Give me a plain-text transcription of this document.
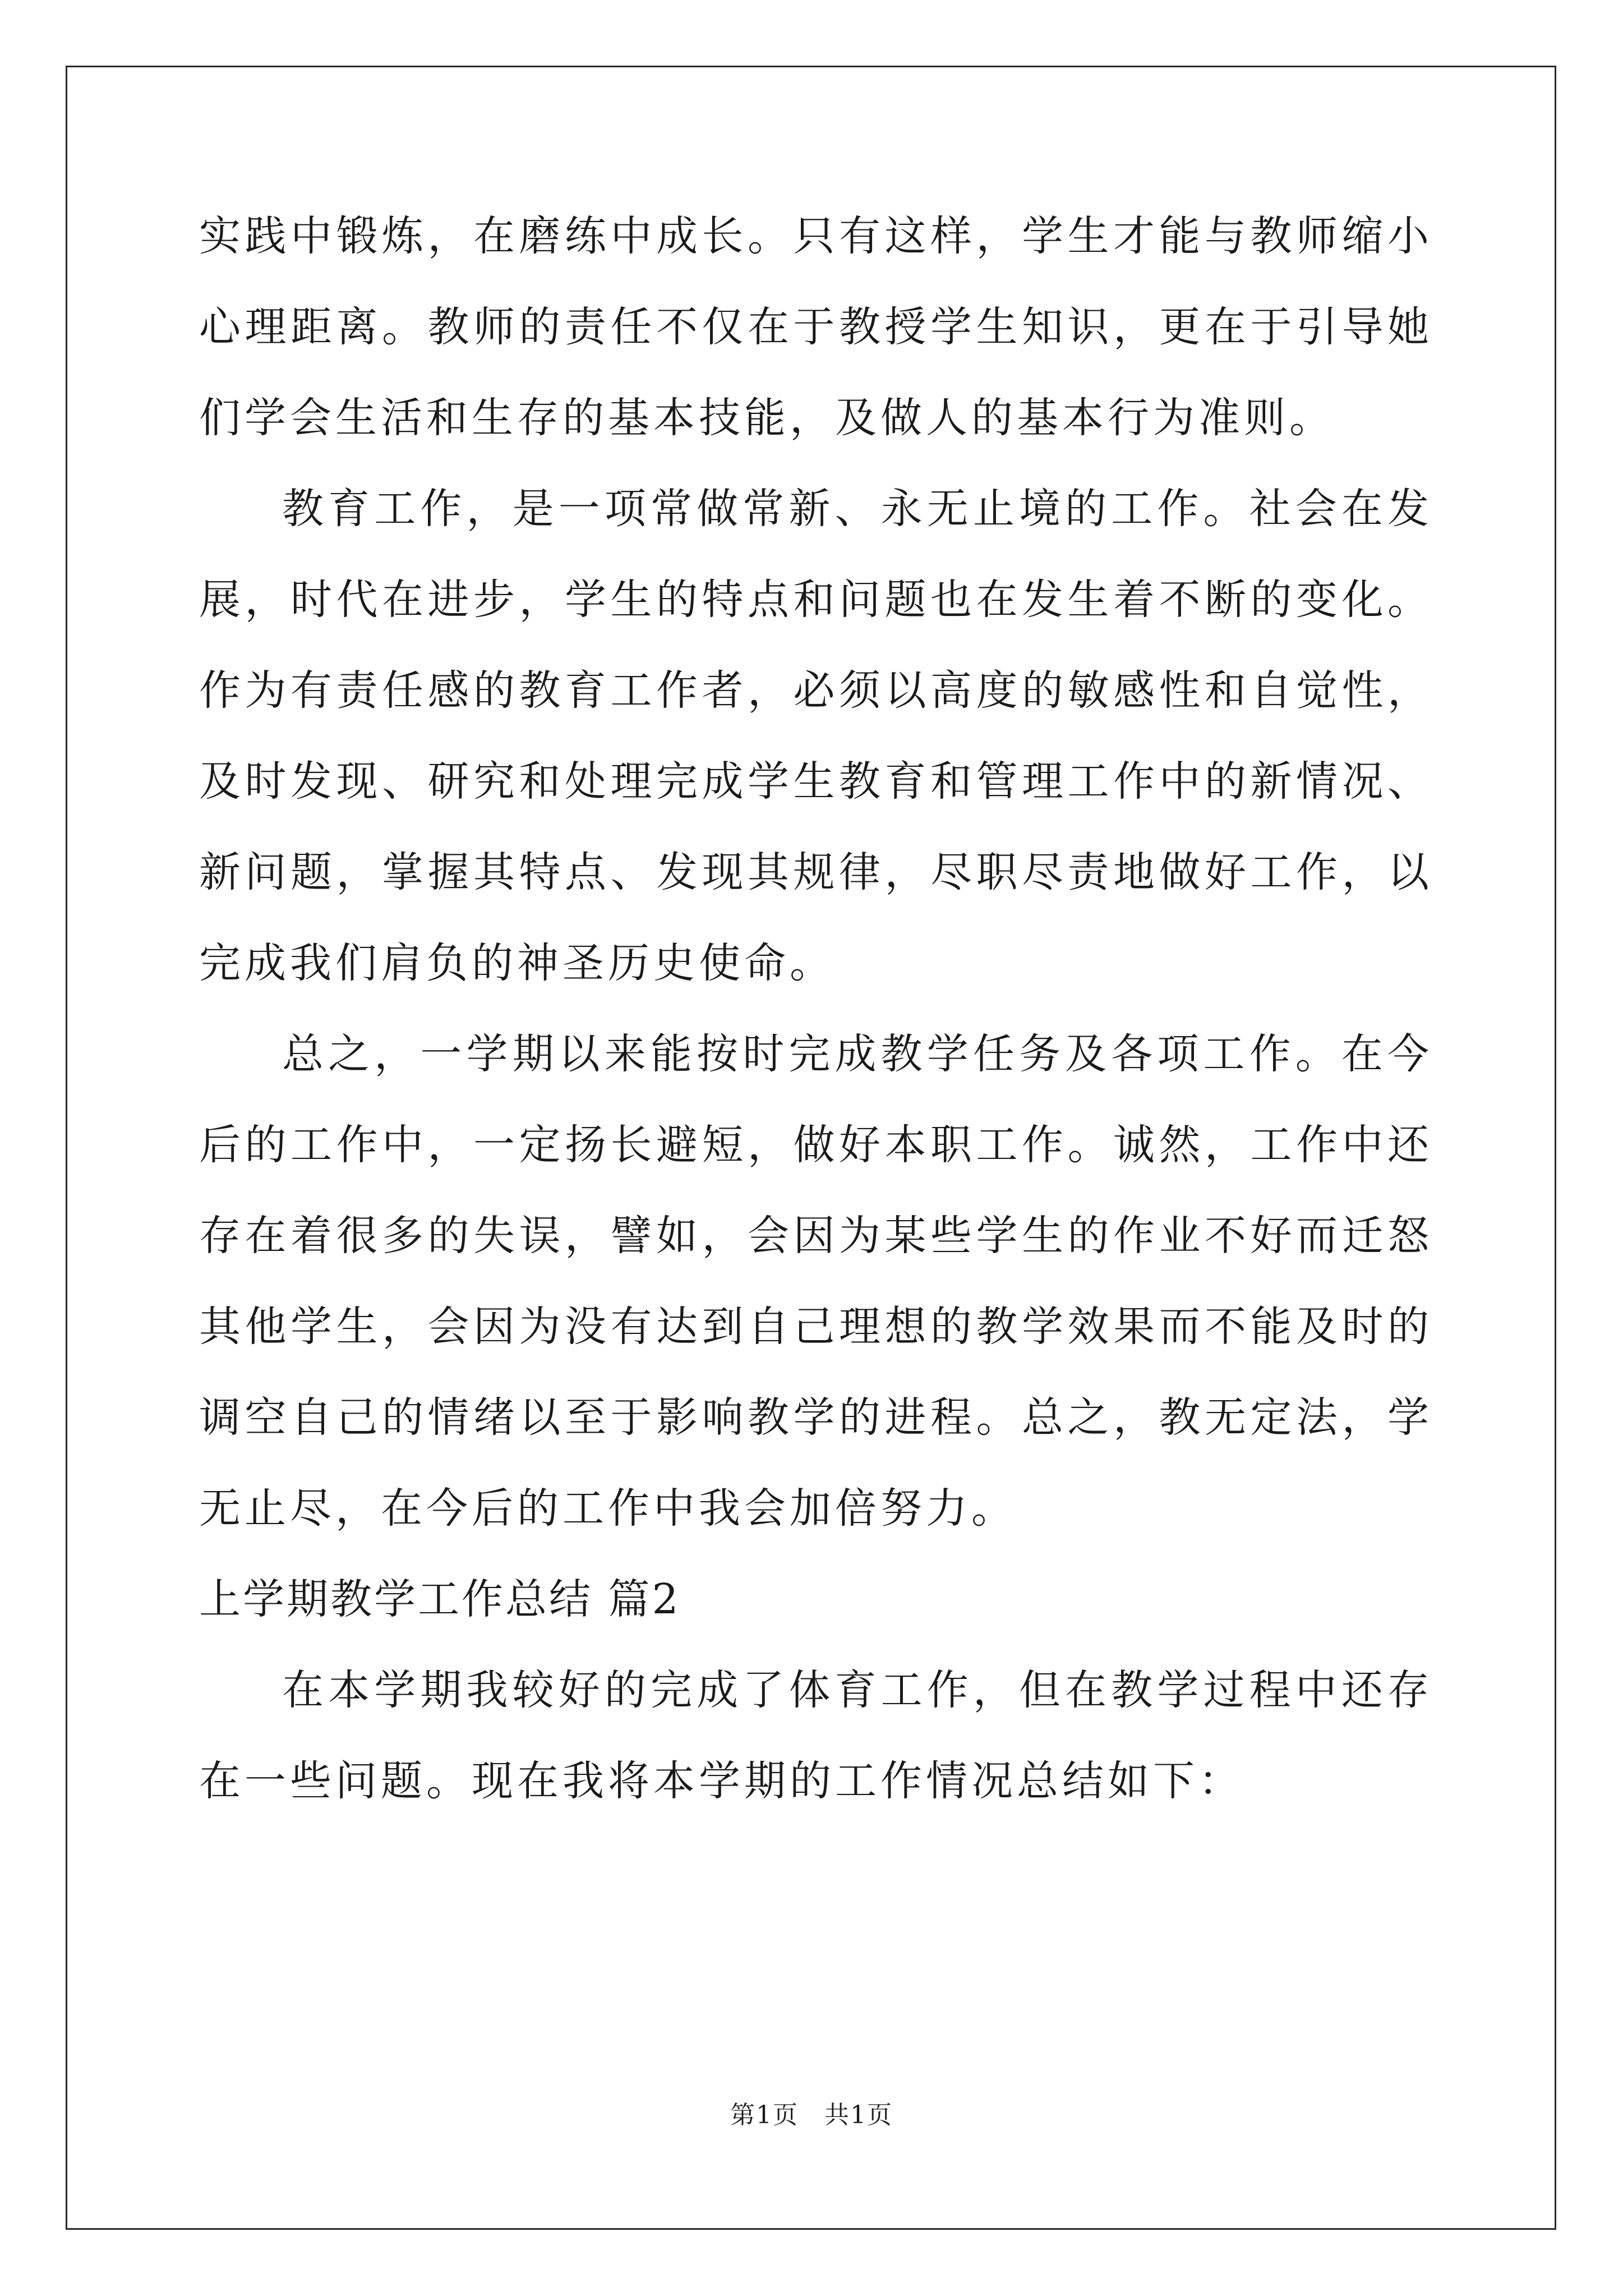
实践中锻炼，在磨练中成长。只有这样，学生才能与教师缩小心理距离。教师的责任不仅在于教授学生知识，更在于引导她们学会生活和生存的基本技能，及做人的基本行为准则。

教育工作，是一项常做常新、永无止境的工作。社会在发展，时代在进步，学生的特点和问题也在发生着不断的变化。作为有责任感的教育工作者，必须以高度的敏感性和自觉性，及时发现、研究和处理完成学生教育和管理工作中的新情况、新问题，掌握其特点、发现其规律，尽职尽责地做好工作，以完成我们肩负的神圣历史使命。

总之，一学期以来能按时完成教学任务及各项工作。在今后的工作中，一定扬长避短，做好本职工作。诚然，工作中还存在着很多的失误，譬如，会因为某些学生的作业不好而迁怒其他学生，会因为没有达到自己理想的教学效果而不能及时的调空自己的情绪以至于影响教学的进程。总之，教无定法，学无止尽，在今后的工作中我会加倍努力。

上学期教学工作总结 篇2

在本学期我较好的完成了体育工作，但在教学过程中还存在一些问题。现在我将本学期的工作情况总结如下：

第1页　共1页
